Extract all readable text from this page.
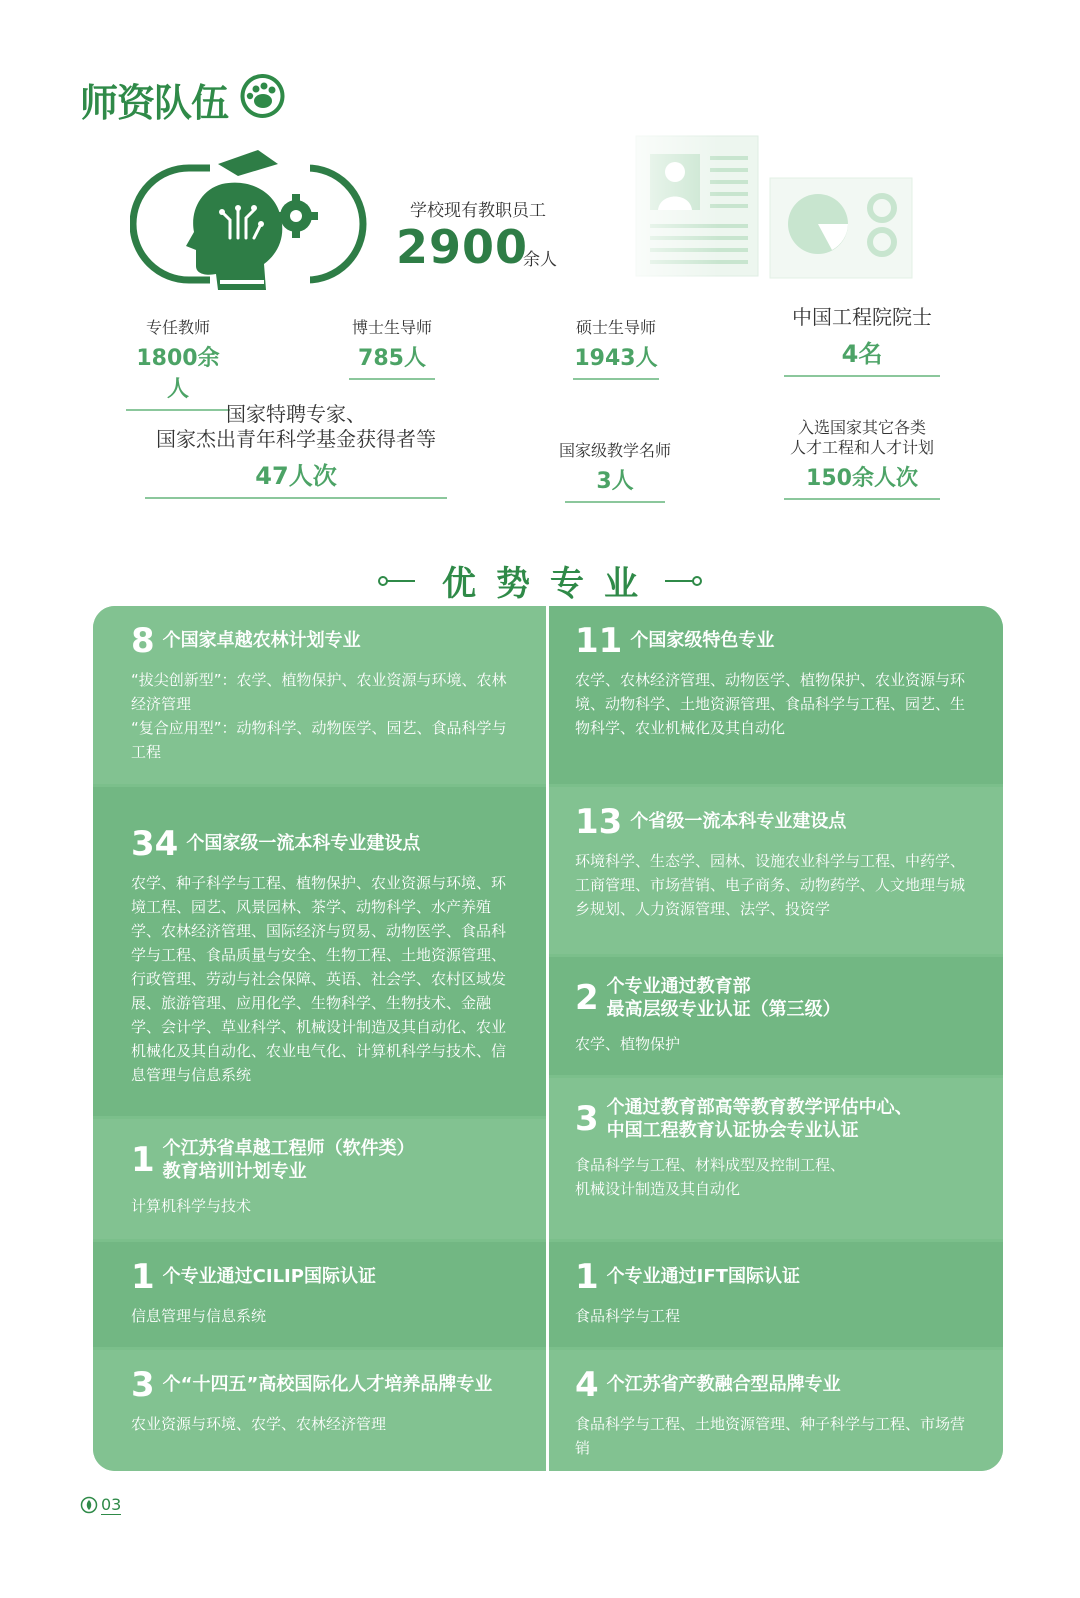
师资队伍
学校现有教职员工
2900
余人
专任教师
1800余人
博士生导师
785人
硕士生导师
1943人
中国工程院院士
4名
国家特聘专家、
国家杰出青年科学基金获得者等
47人次
国家级教学名师
3人
入选国家其它各类
人才工程和人才计划
150余人次
优势专业
8 个国家卓越农林计划专业
“拔尖创新型”：农学、植物保护、农业资源与环境、农林经济管理
“复合应用型”：动物科学、动物医学、园艺、食品科学与工程
34 个国家级一流本科专业建设点
农学、种子科学与工程、植物保护、农业资源与环境、环境工程、园艺、风景园林、茶学、动物科学、水产养殖学、农林经济管理、国际经济与贸易、动物医学、食品科学与工程、食品质量与安全、生物工程、土地资源管理、行政管理、劳动与社会保障、英语、社会学、农村区域发展、旅游管理、应用化学、生物科学、生物技术、金融学、会计学、草业科学、机械设计制造及其自动化、农业机械化及其自动化、农业电气化、计算机科学与技术、信息管理与信息系统
1 个江苏省卓越工程师（软件类）
教育培训计划专业
计算机科学与技术
1 个专业通过CILIP国际认证
信息管理与信息系统
3 个“十四五”高校国际化人才培养品牌专业
农业资源与环境、农学、农林经济管理
11 个国家级特色专业
农学、农林经济管理、动物医学、植物保护、农业资源与环境、动物科学、土地资源管理、食品科学与工程、园艺、生物科学、农业机械化及其自动化
13 个省级一流本科专业建设点
环境科学、生态学、园林、设施农业科学与工程、中药学、工商管理、市场营销、电子商务、动物药学、人文地理与城乡规划、人力资源管理、法学、投资学
2 个专业通过教育部
最高层级专业认证（第三级）
农学、植物保护
3 个通过教育部高等教育教学评估中心、
中国工程教育认证协会专业认证
食品科学与工程、材料成型及控制工程、
机械设计制造及其自动化
1 个专业通过IFT国际认证
食品科学与工程
4 个江苏省产教融合型品牌专业
食品科学与工程、土地资源管理、种子科学与工程、市场营销
03
